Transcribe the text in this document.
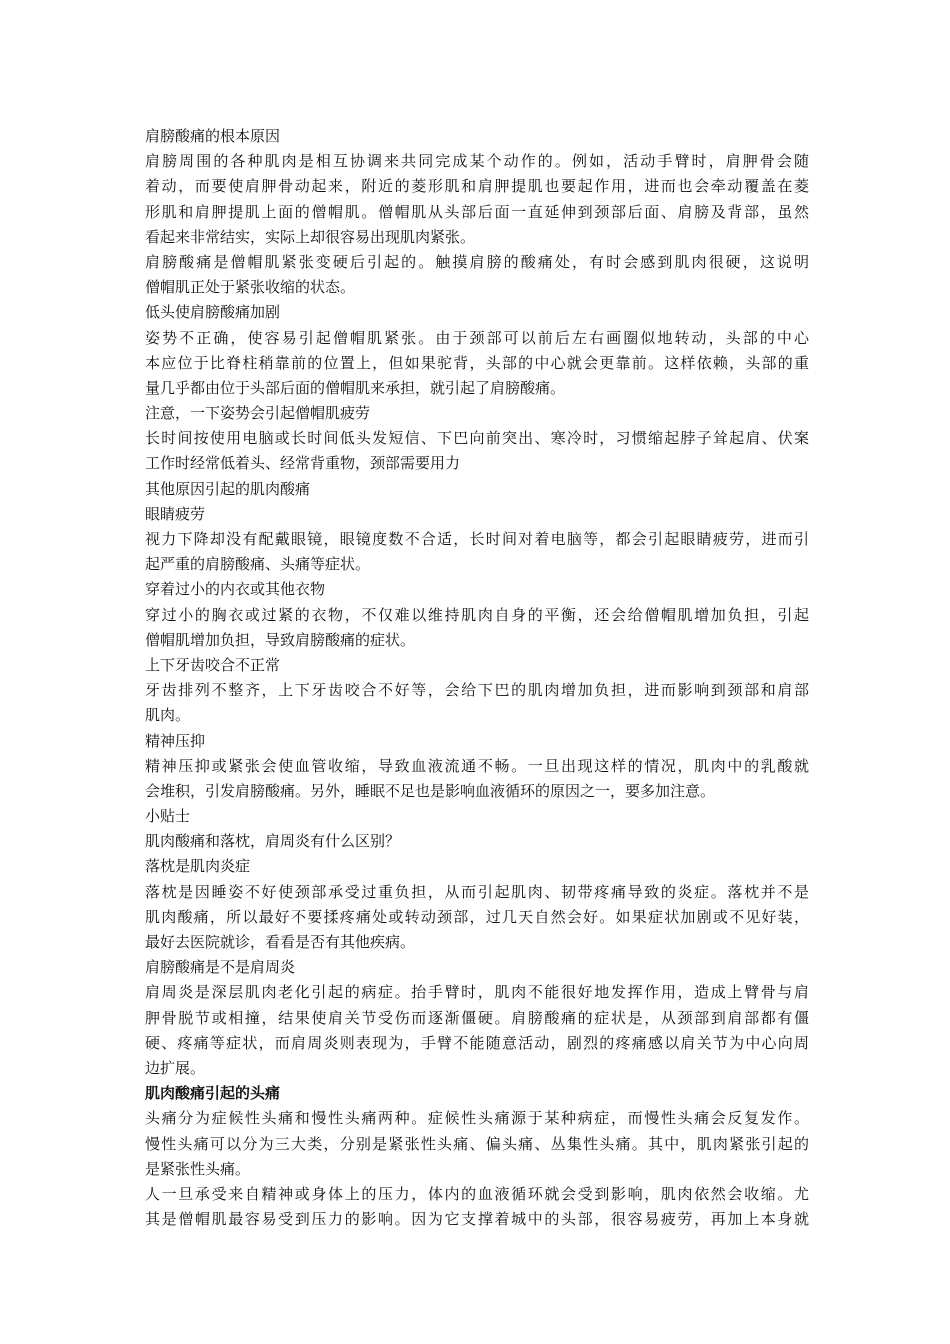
肩膀酸痛的根本原因
肩膀周围的各种肌肉是相互协调来共同完成某个动作的。例如，活动手臂时，肩胛骨会随
着动，而要使肩胛骨动起来，附近的菱形肌和肩胛提肌也要起作用，进而也会牵动覆盖在菱
形肌和肩胛提肌上面的僧帽肌。僧帽肌从头部后面一直延伸到颈部后面、肩膀及背部，虽然
看起来非常结实，实际上却很容易出现肌肉紧张。
肩膀酸痛是僧帽肌紧张变硬后引起的。触摸肩膀的酸痛处，有时会感到肌肉很硬，这说明
僧帽肌正处于紧张收缩的状态。
低头使肩膀酸痛加剧
姿势不正确，使容易引起僧帽肌紧张。由于颈部可以前后左右画圈似地转动，头部的中心
本应位于比脊柱稍靠前的位置上，但如果驼背，头部的中心就会更靠前。这样依赖，头部的重
量几乎都由位于头部后面的僧帽肌来承担，就引起了肩膀酸痛。
注意，一下姿势会引起僧帽肌疲劳
长时间按使用电脑或长时间低头发短信、下巴向前突出、寒冷时，习惯缩起脖子耸起肩、伏案
工作时经常低着头、经常背重物，颈部需要用力
其他原因引起的肌肉酸痛
眼睛疲劳
视力下降却没有配戴眼镜，眼镜度数不合适，长时间对着电脑等，都会引起眼睛疲劳，进而引
起严重的肩膀酸痛、头痛等症状。
穿着过小的内衣或其他衣物
穿过小的胸衣或过紧的衣物，不仅难以维持肌肉自身的平衡，还会给僧帽肌增加负担，引起
僧帽肌增加负担，导致肩膀酸痛的症状。
上下牙齿咬合不正常
牙齿排列不整齐，上下牙齿咬合不好等，会给下巴的肌肉增加负担，进而影响到颈部和肩部
肌肉。
精神压抑
精神压抑或紧张会使血管收缩，导致血液流通不畅。一旦出现这样的情况，肌肉中的乳酸就
会堆积，引发肩膀酸痛。另外，睡眠不足也是影响血液循环的原因之一，要多加注意。
小贴士
肌肉酸痛和落枕，肩周炎有什么区别？
落枕是肌肉炎症
落枕是因睡姿不好使颈部承受过重负担，从而引起肌肉、韧带疼痛导致的炎症。落枕并不是
肌肉酸痛，所以最好不要揉疼痛处或转动颈部，过几天自然会好。如果症状加剧或不见好装，
最好去医院就诊，看看是否有其他疾病。
肩膀酸痛是不是肩周炎
肩周炎是深层肌肉老化引起的病症。抬手臂时，肌肉不能很好地发挥作用，造成上臂骨与肩
胛骨脱节或相撞，结果使肩关节受伤而逐渐僵硬。肩膀酸痛的症状是，从颈部到肩部都有僵
硬、疼痛等症状，而肩周炎则表现为，手臂不能随意活动，剧烈的疼痛感以肩关节为中心向周
边扩展。
肌肉酸痛引起的头痛
头痛分为症候性头痛和慢性头痛两种。症候性头痛源于某种病症，而慢性头痛会反复发作。
慢性头痛可以分为三大类，分别是紧张性头痛、偏头痛、丛集性头痛。其中，肌肉紧张引起的
是紧张性头痛。
人一旦承受来自精神或身体上的压力，体内的血液循环就会受到影响，肌肉依然会收缩。尤
其是僧帽肌最容易受到压力的影响。因为它支撑着城中的头部，很容易疲劳，再加上本身就
